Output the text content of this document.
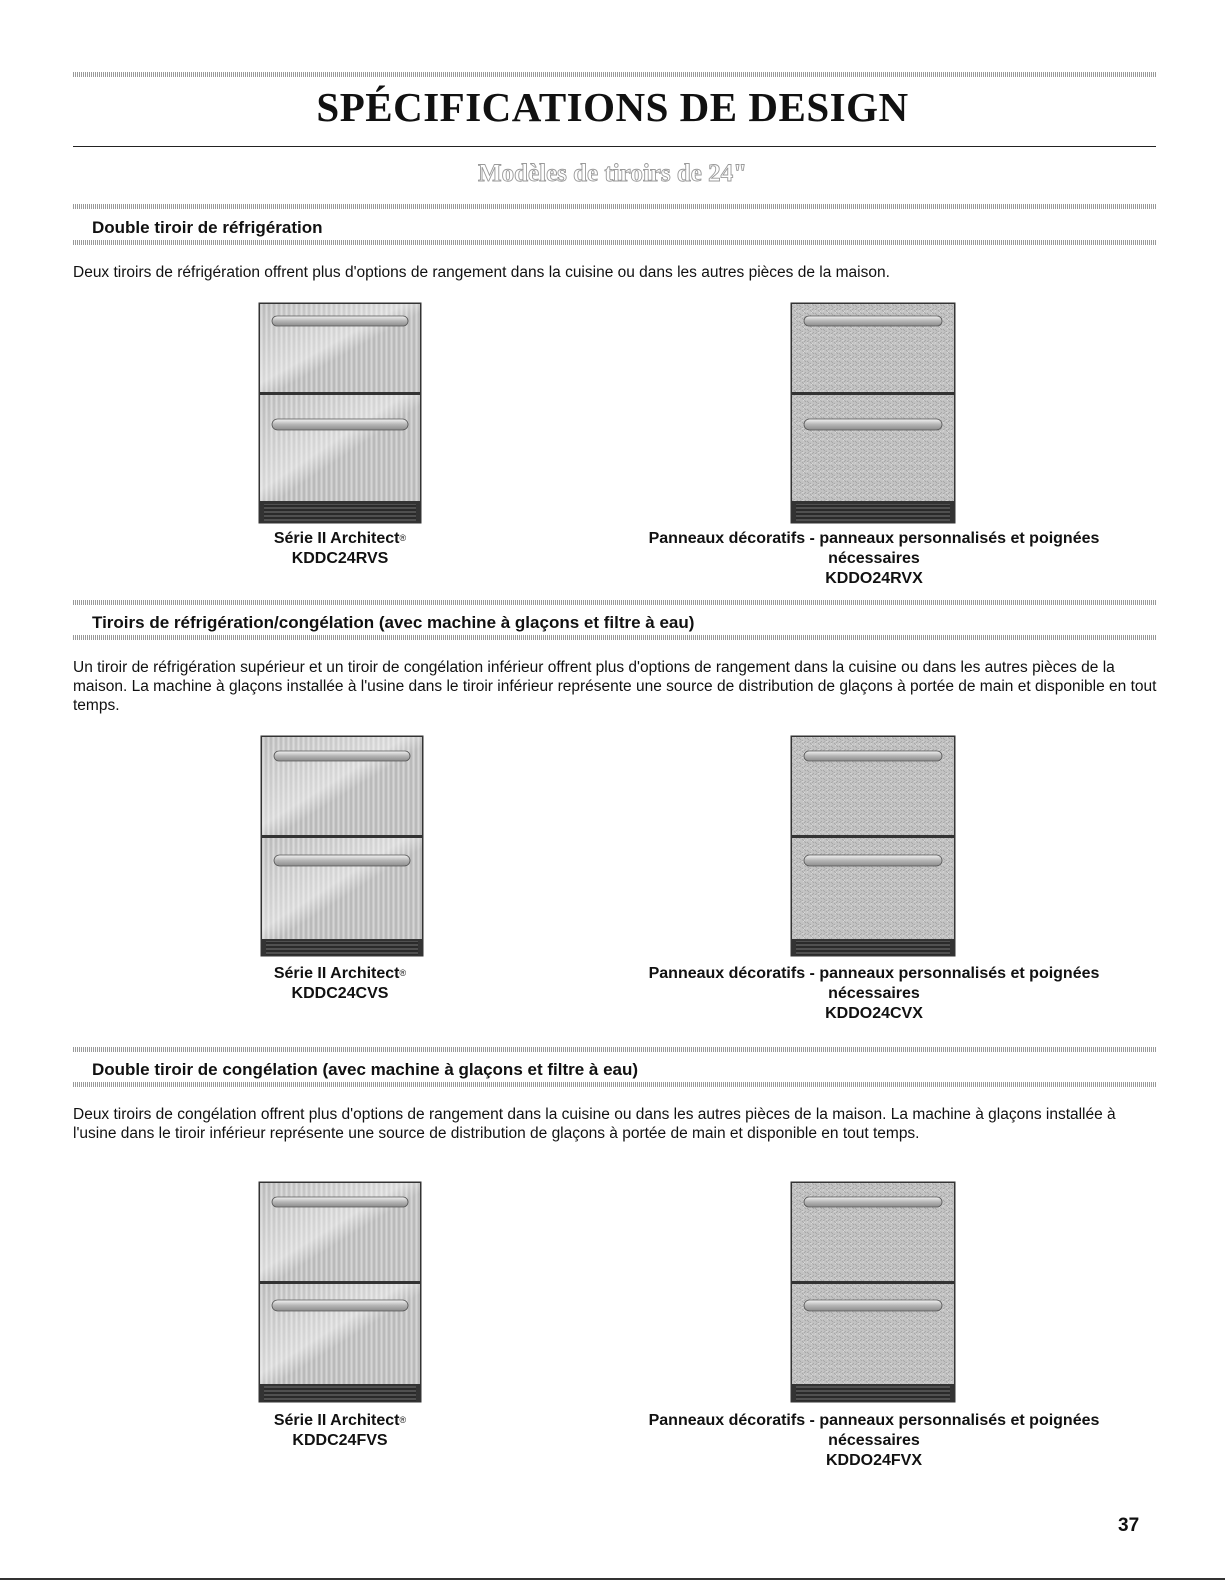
SPÉCIFICATIONS DE DESIGN
Modèles de tiroirs de 24"
Double tiroir de réfrigération

Deux tiroirs de réfrigération offrent plus d'options de rangement dans la cuisine ou dans les autres pièces de la maison.

Série II Architect®
KDDC24RVS
Panneaux décoratifs - panneaux personnalisés et poignées
nécessaires
KDDO24RVX
Tiroirs de réfrigération/congélation (avec machine à glaçons et filtre à eau)

Un tiroir de réfrigération supérieur et un tiroir de congélation inférieur offrent plus d'options de rangement dans la cuisine ou dans les autres pièces de la maison. La machine à glaçons installée à l'usine dans le tiroir inférieur représente une source de distribution de glaçons à portée de main et disponible en tout temps.

Série II Architect®
KDDC24CVS
Panneaux décoratifs - panneaux personnalisés et poignées
nécessaires
KDDO24CVX
Double tiroir de congélation (avec machine à glaçons et filtre à eau)

Deux tiroirs de congélation offrent plus d'options de rangement dans la cuisine ou dans les autres pièces de la maison. La machine à glaçons installée à l'usine dans le tiroir inférieur représente une source de distribution de glaçons à portée de main et disponible en tout temps.

Série II Architect®
KDDC24FVS
Panneaux décoratifs - panneaux personnalisés et poignées
nécessaires
KDDO24FVX
37
